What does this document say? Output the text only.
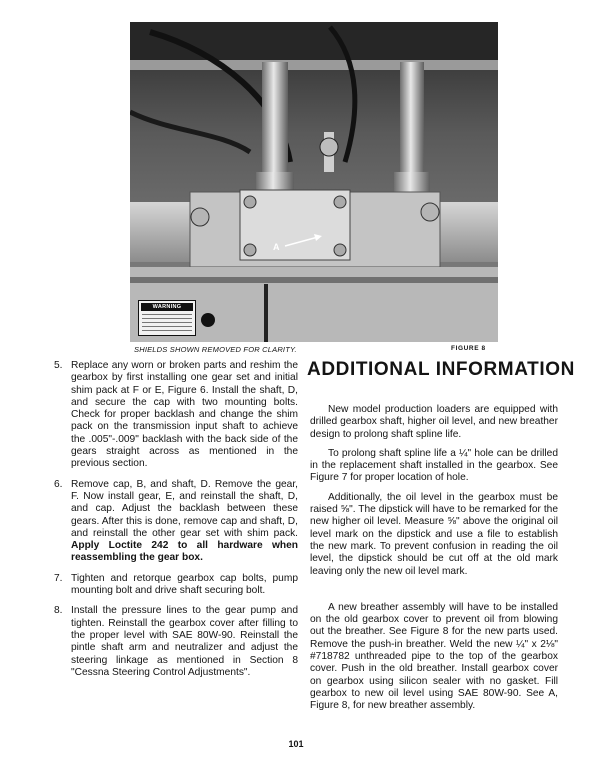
A
WARNING
SHIELDS SHOWN REMOVED FOR CLARITY.	FIGURE 8
5. Replace any worn or broken parts and reshim the gearbox by first installing one gear set and initial shim pack at F or E, Figure 6. Install the shaft, D, and secure the cap with two mounting bolts. Check for proper backlash and change the shim pack on the transmission input shaft to achieve the .005"-.009" backlash with the back side of the gears straight across as mentioned in the previous section.
6. Remove cap, B, and shaft, D. Remove the gear, F. Now install gear, E, and reinstall the shaft, D, and cap. Adjust the backlash between these gears. After this is done, remove cap and shaft, D, and reinstall the other gear set with shim pack. Apply Loctite 242 to all hardware when reassembling the gear box.
7. Tighten and retorque gearbox cap bolts, pump mounting bolt and drive shaft securing bolt.
8. Install the pressure lines to the gear pump and tighten. Reinstall the gearbox cover after filling to the proper level with SAE 80W-90. Reinstall the pintle shaft arm and neutralizer and adjust the steering linkage as mentioned in Section 8 "Cessna Steering Control Adjustments".
ADDITIONAL INFORMATION

New model production loaders are equipped with drilled gearbox shaft, higher oil level, and new breather design to prolong shaft spline life.

To prolong shaft spline life a ¼" hole can be drilled in the replacement shaft installed in the gearbox. See Figure 7 for proper location of hole.

Additionally, the oil level in the gearbox must be raised ⅝". The dipstick will have to be remarked for the new higher oil level. Measure ⅝" above the original oil level mark on the dipstick and use a file to establish the new mark. To prevent confusion in reading the oil level, the dipstick should be cut off at the old mark leaving only the new oil level mark.

A new breather assembly will have to be installed on the old gearbox cover to prevent oil from blowing out the breather. See Figure 8 for the new parts used. Remove the push-in breather. Weld the new ¼" x 2⅛" #718782 unthreaded pipe to the top of the gearbox cover. Push in the old breather. Install gearbox cover on gearbox using silicon sealer with no gasket. Fill gearbox to new oil level using SAE 80W-90. See A, Figure 8, for new breather assembly.

101
